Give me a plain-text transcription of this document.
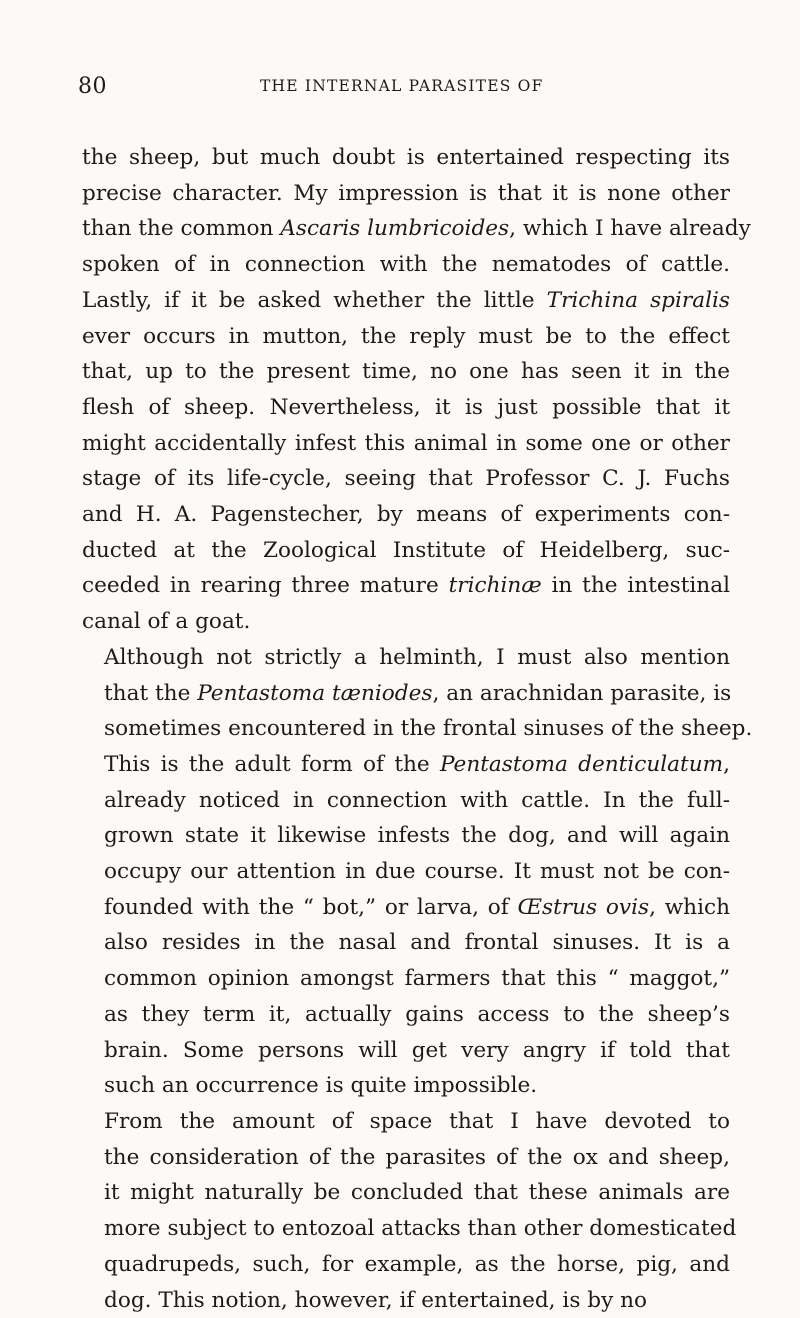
80	THE INTERNAL PARASITES OF

the sheep, but much doubt is entertained respecting its
precise character. My impression is that it is none other
than the common Ascaris lumbricoides, which I have already
spoken of in connection with the nematodes of cattle.
Lastly, if it be asked whether the little Trichina spiralis
ever occurs in mutton, the reply must be to the effect
that, up to the present time, no one has seen it in the
flesh of sheep. Nevertheless, it is just possible that it
might accidentally infest this animal in some one or other
stage of its life-cycle, seeing that Professor C. J. Fuchs
and H. A. Pagenstecher, by means of experiments con-
ducted at the Zoological Institute of Heidelberg, suc-
ceeded in rearing three mature trichinæ in the intestinal
canal of a goat.

Although not strictly a helminth, I must also mention
that the Pentastoma tæniodes, an arachnidan parasite, is
sometimes encountered in the frontal sinuses of the sheep.
This is the adult form of the Pentastoma denticulatum,
already noticed in connection with cattle. In the full-
grown state it likewise infests the dog, and will again
occupy our attention in due course. It must not be con-
founded with the “ bot,” or larva, of Œstrus ovis, which
also resides in the nasal and frontal sinuses. It is a
common opinion amongst farmers that this “ maggot,”
as they term it, actually gains access to the sheep’s
brain. Some persons will get very angry if told that
such an occurrence is quite impossible.

From the amount of space that I have devoted to
the consideration of the parasites of the ox and sheep,
it might naturally be concluded that these animals are
more subject to entozoal attacks than other domesticated
quadrupeds, such, for example, as the horse, pig, and
dog. This notion, however, if entertained, is by no
